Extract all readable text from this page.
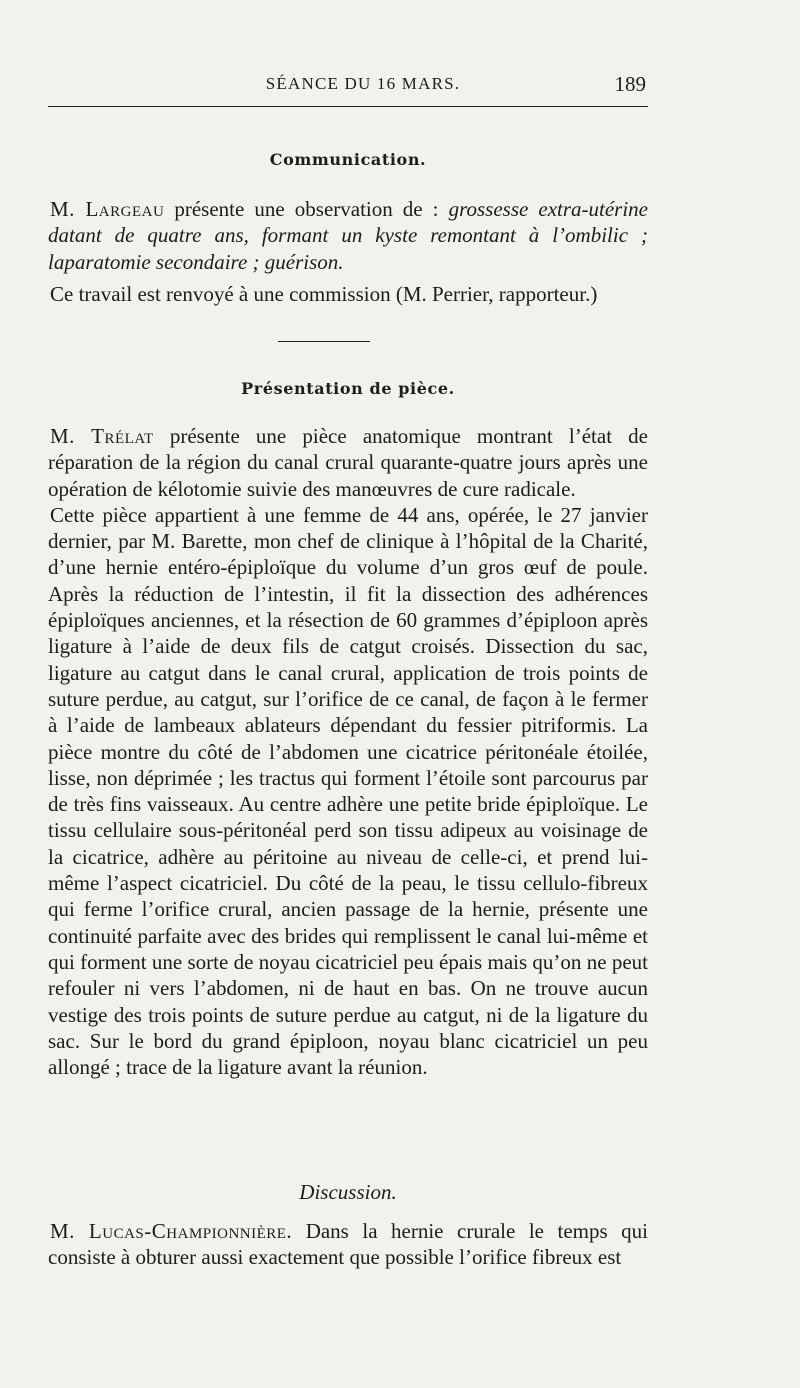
SÉANCE DU 16 MARS.	189
Communication.

M. Largeau présente une observation de : grossesse extra-utérine datant de quatre ans, formant un kyste remontant à l’ombilic ; laparatomie secondaire ; guérison.

Ce travail est renvoyé à une commission (M. Perrier, rapporteur.)

Présentation de pièce.

M. Trélat présente une pièce anatomique montrant l’état de réparation de la région du canal crural quarante-quatre jours après une opération de kélotomie suivie des manœuvres de cure radicale.

Cette pièce appartient à une femme de 44 ans, opérée, le 27 janvier dernier, par M. Barette, mon chef de clinique à l’hôpital de la Charité, d’une hernie entéro-épiploïque du volume d’un gros œuf de poule. Après la réduction de l’intestin, il fit la dissection des adhérences épiploïques anciennes, et la résection de 60 grammes d’épiploon après ligature à l’aide de deux fils de catgut croisés. Dissection du sac, ligature au catgut dans le canal crural, application de trois points de suture perdue, au catgut, sur l’orifice de ce canal, de façon à le fermer à l’aide de lambeaux ablateurs dépendant du fessier pitriformis. La pièce montre du côté de l’abdomen une cicatrice péritonéale étoilée, lisse, non déprimée ; les tractus qui forment l’étoile sont parcourus par de très fins vaisseaux. Au centre adhère une petite bride épiploïque. Le tissu cellulaire sous-péritonéal perd son tissu adipeux au voisinage de la cicatrice, adhère au péritoine au niveau de celle-ci, et prend lui-même l’aspect cicatriciel. Du côté de la peau, le tissu cellulo-fibreux qui ferme l’orifice crural, ancien passage de la hernie, présente une continuité parfaite avec des brides qui remplissent le canal lui-même et qui forment une sorte de noyau cicatriciel peu épais mais qu’on ne peut refouler ni vers l’abdomen, ni de haut en bas. On ne trouve aucun vestige des trois points de suture perdue au catgut, ni de la ligature du sac. Sur le bord du grand épiploon, noyau blanc cicatriciel un peu allongé ; trace de la ligature avant la réunion.

Discussion.

M. Lucas-Championnière. Dans la hernie crurale le temps qui consiste à obturer aussi exactement que possible l’orifice fibreux est
